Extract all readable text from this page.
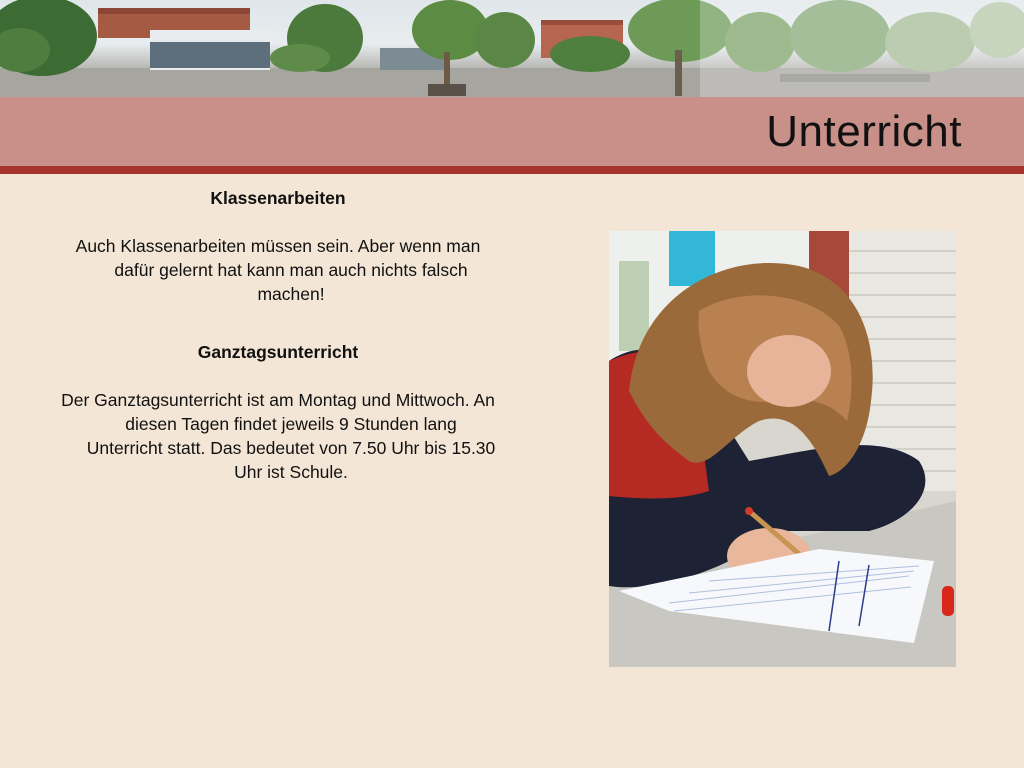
Unterricht
Klassenarbeiten

Auch Klassenarbeiten müssen sein. Aber wenn man dafür gelernt hat kann man auch nichts falsch machen!

Ganztagsunterricht

Der Ganztagsunterricht ist am Montag und Mittwoch. An diesen Tagen findet jeweils 9 Stunden lang Unterricht statt. Das bedeutet von 7.50 Uhr bis 15.30 Uhr ist Schule.
